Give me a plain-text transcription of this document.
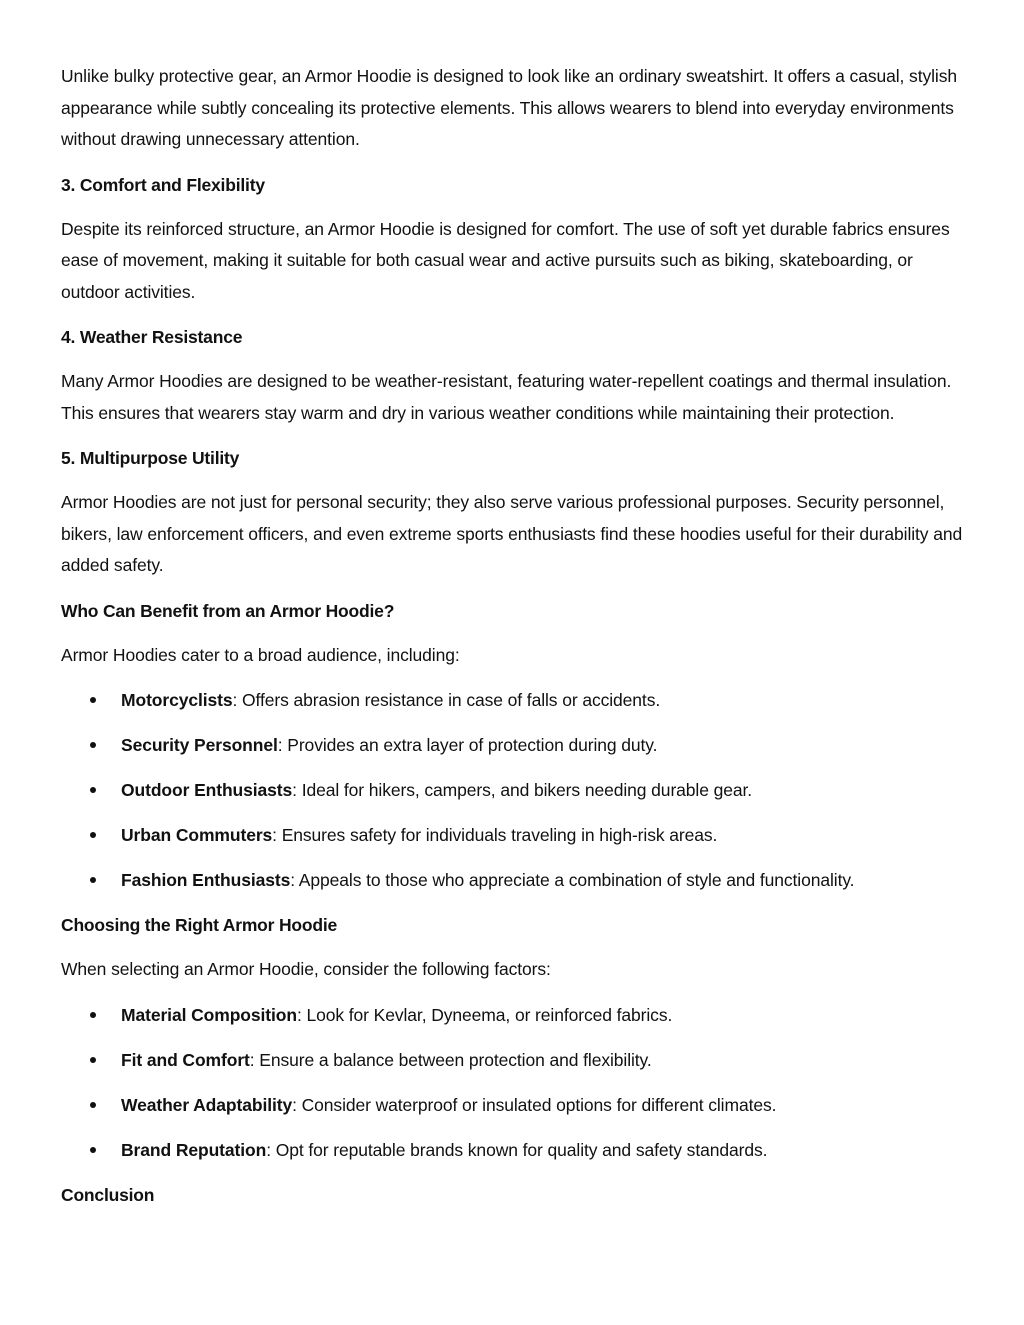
Unlike bulky protective gear, an Armor Hoodie is designed to look like an ordinary sweatshirt. It offers a casual, stylish appearance while subtly concealing its protective elements. This allows wearers to blend into everyday environments without drawing unnecessary attention.

3. Comfort and Flexibility

Despite its reinforced structure, an Armor Hoodie is designed for comfort. The use of soft yet durable fabrics ensures ease of movement, making it suitable for both casual wear and active pursuits such as biking, skateboarding, or outdoor activities.

4. Weather Resistance

Many Armor Hoodies are designed to be weather-resistant, featuring water-repellent coatings and thermal insulation. This ensures that wearers stay warm and dry in various weather conditions while maintaining their protection.

5. Multipurpose Utility

Armor Hoodies are not just for personal security; they also serve various professional purposes. Security personnel, bikers, law enforcement officers, and even extreme sports enthusiasts find these hoodies useful for their durability and added safety.

Who Can Benefit from an Armor Hoodie?

Armor Hoodies cater to a broad audience, including:

Motorcyclists: Offers abrasion resistance in case of falls or accidents.
Security Personnel: Provides an extra layer of protection during duty.
Outdoor Enthusiasts: Ideal for hikers, campers, and bikers needing durable gear.
Urban Commuters: Ensures safety for individuals traveling in high-risk areas.
Fashion Enthusiasts: Appeals to those who appreciate a combination of style and functionality.
Choosing the Right Armor Hoodie

When selecting an Armor Hoodie, consider the following factors:

Material Composition: Look for Kevlar, Dyneema, or reinforced fabrics.
Fit and Comfort: Ensure a balance between protection and flexibility.
Weather Adaptability: Consider waterproof or insulated options for different climates.
Brand Reputation: Opt for reputable brands known for quality and safety standards.
Conclusion
